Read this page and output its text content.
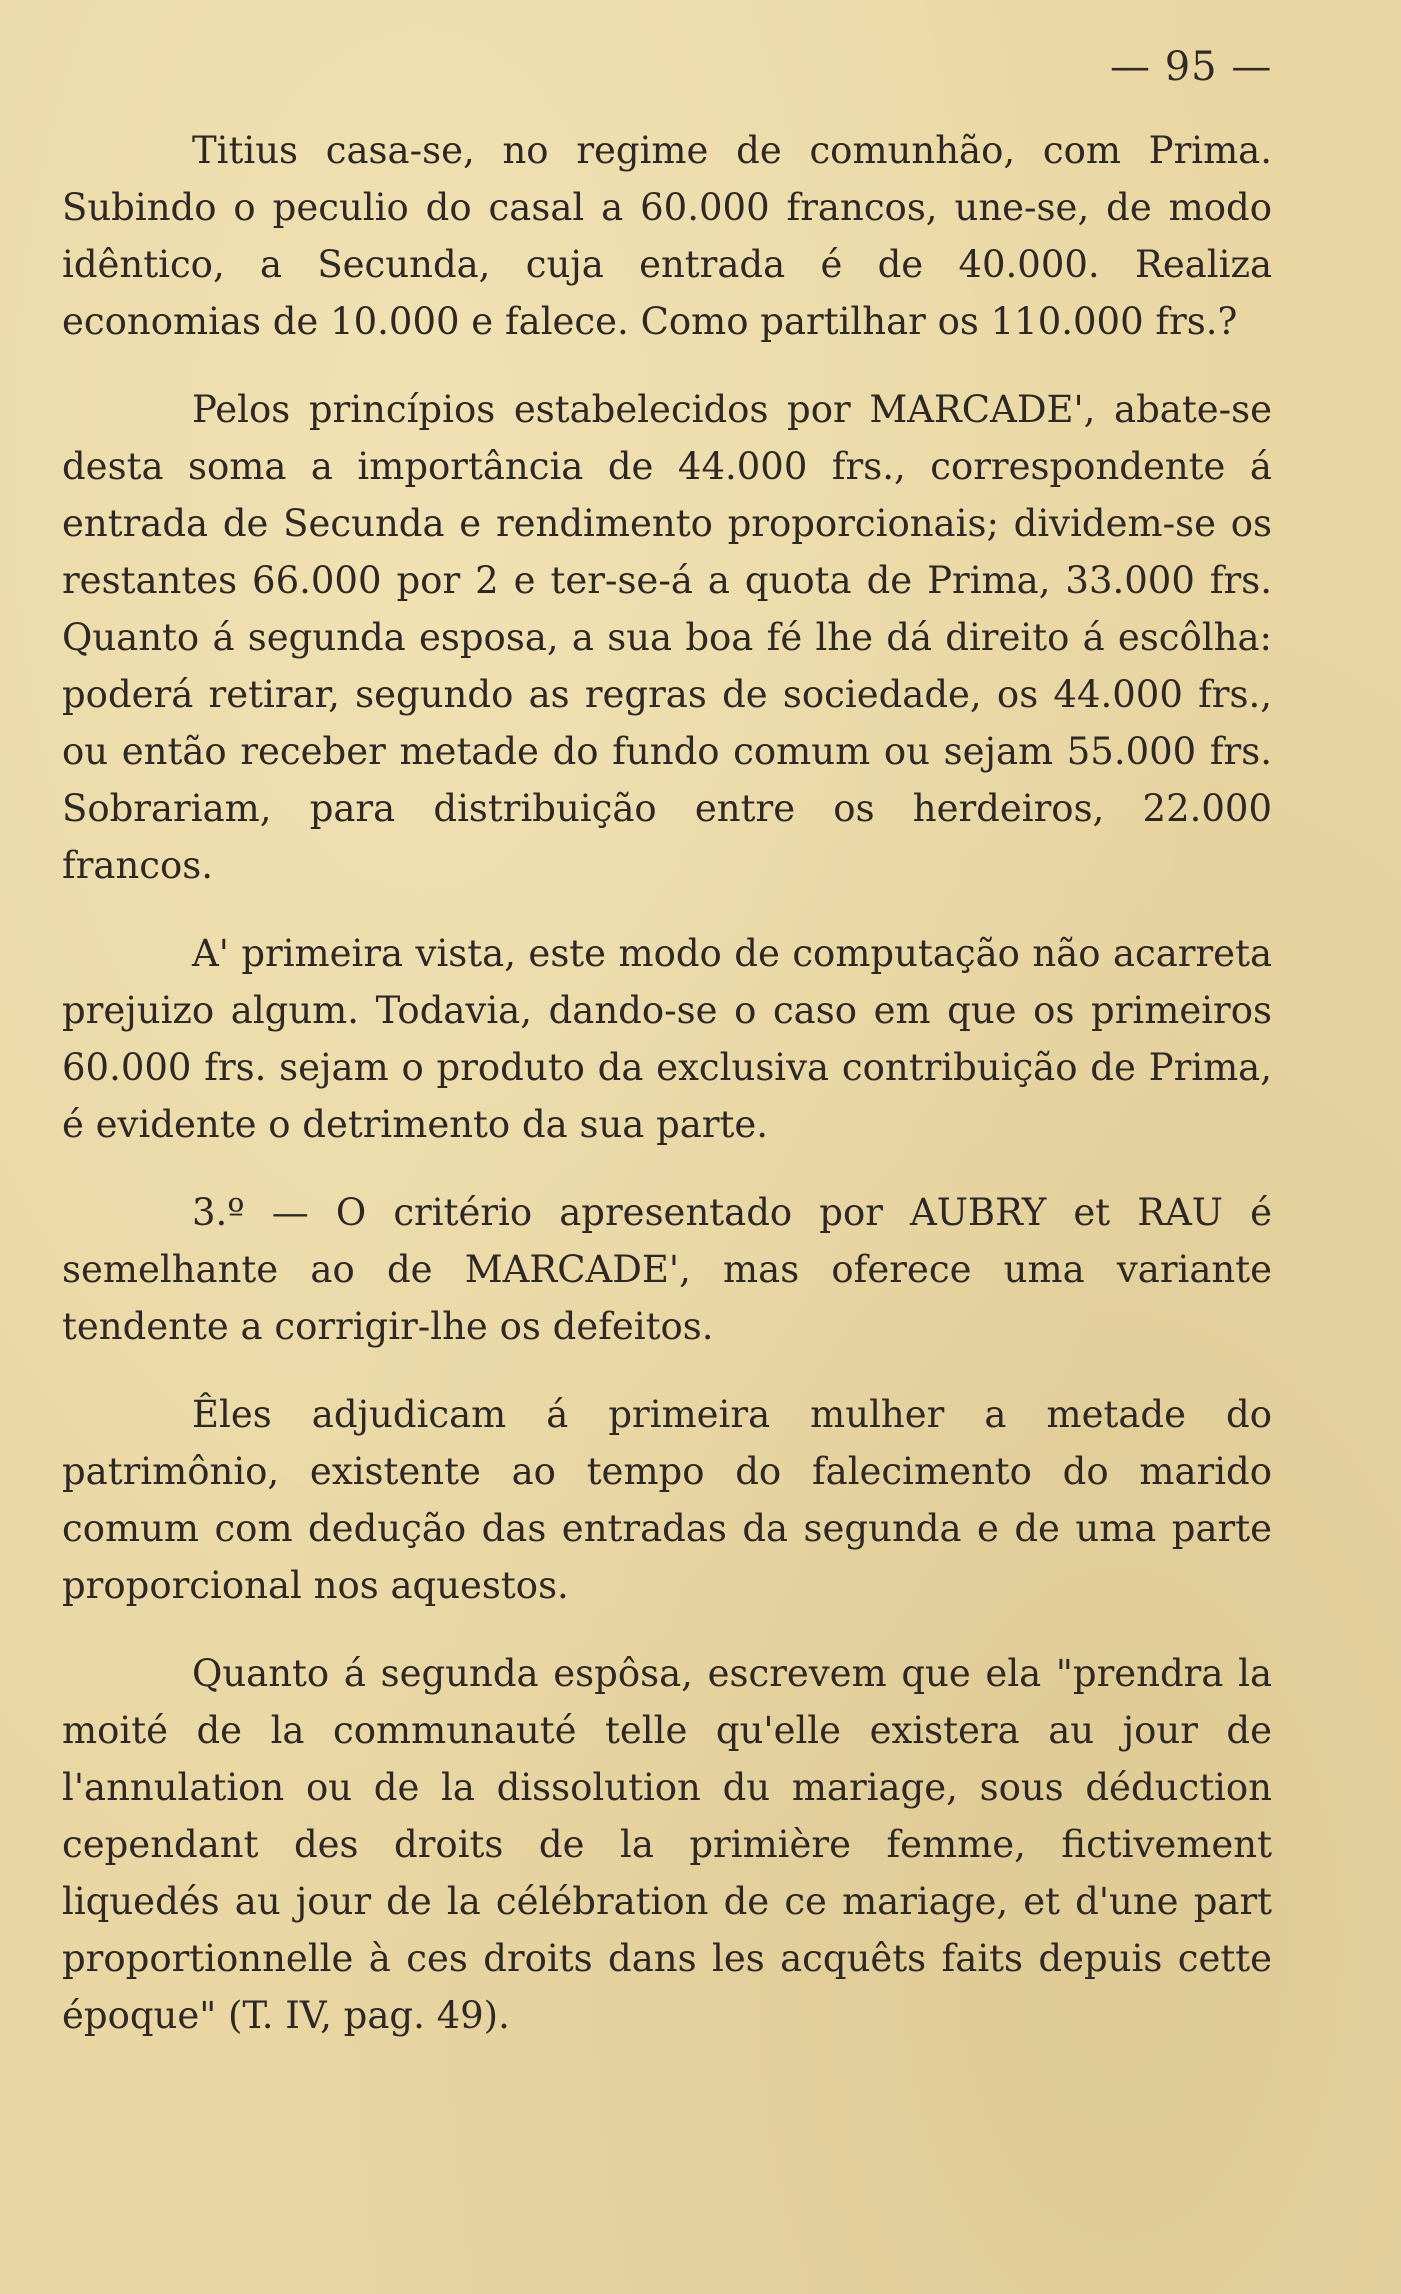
— 95 —

Titius casa-se, no regime de comunhão, com Prima. Subindo o peculio do casal a 60.000 francos, une-se, de modo idêntico, a Secunda, cuja entrada é de 40.000. Realiza economias de 10.000 e falece. Como partilhar os 110.000 frs.?

Pelos princípios estabelecidos por MARCADE', abate-se desta soma a importância de 44.000 frs., correspondente á entrada de Secunda e rendimento proporcionais; dividem-se os restantes 66.000 por 2 e ter-se-á a quota de Prima, 33.000 frs. Quanto á segunda esposa, a sua boa fé lhe dá direito á escôlha: poderá retirar, segundo as regras de sociedade, os 44.000 frs., ou então receber metade do fundo comum ou sejam 55.000 frs. Sobrariam, para distribuição entre os herdeiros, 22.000 francos.

A' primeira vista, este modo de computação não acarreta prejuizo algum. Todavia, dando-se o caso em que os primeiros 60.000 frs. sejam o produto da exclusiva contribuição de Prima, é evidente o detrimento da sua parte.

3.º — O critério apresentado por AUBRY et RAU é semelhante ao de MARCADE', mas oferece uma variante tendente a corrigir-lhe os defeitos.

Êles adjudicam á primeira mulher a metade do patrimônio, existente ao tempo do falecimento do marido comum com dedução das entradas da segunda e de uma parte proporcional nos aquestos.

Quanto á segunda espôsa, escrevem que ela "prendra la moité de la communauté telle qu'elle existera au jour de l'annulation ou de la dissolution du mariage, sous déduction cependant des droits de la primière femme, fictivement liquedés au jour de la célébration de ce mariage, et d'une part proportionnelle à ces droits dans les acquêts faits depuis cette époque" (T. IV, pag. 49).
